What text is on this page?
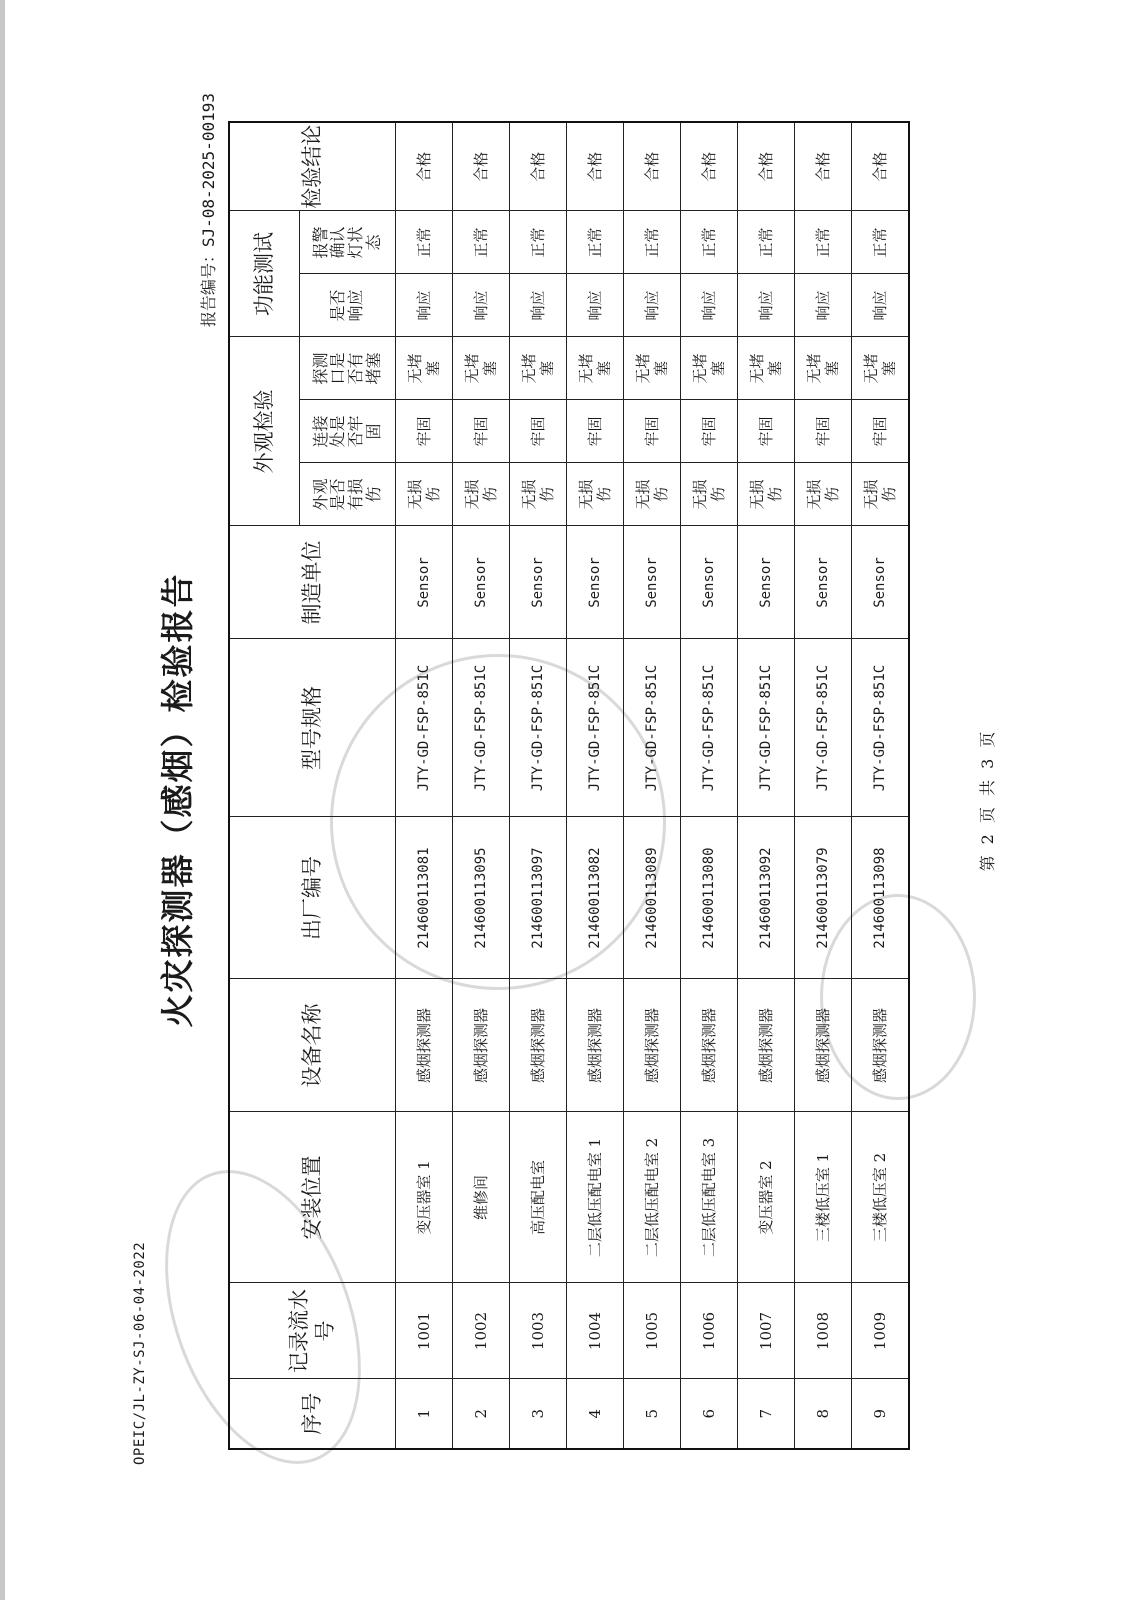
OPEIC/JL-ZY-SJ-06-04-2022
火灾探测器（感烟）检验报告
报告编号：SJ-08-2025-00193
序号	记录流水号	安装位置	设备名称	出厂编号	型号规格	制造单位	外观检验			功能测试		检验结论
							外观是否有损伤	连接处是否牢固	探测口是否有堵塞	是否响应	报警确认灯状态	
1	1001	变压器室 1	感烟探测器	214600113081	JTY-GD-FSP-851C	Sensor	无损伤	牢固	无堵塞	响应	正常	合格
2	1002	维修间	感烟探测器	214600113095	JTY-GD-FSP-851C	Sensor	无损伤	牢固	无堵塞	响应	正常	合格
3	1003	高压配电室	感烟探测器	214600113097	JTY-GD-FSP-851C	Sensor	无损伤	牢固	无堵塞	响应	正常	合格
4	1004	二层低压配电室 1	感烟探测器	214600113082	JTY-GD-FSP-851C	Sensor	无损伤	牢固	无堵塞	响应	正常	合格
5	1005	二层低压配电室 2	感烟探测器	214600113089	JTY-GD-FSP-851C	Sensor	无损伤	牢固	无堵塞	响应	正常	合格
6	1006	二层低压配电室 3	感烟探测器	214600113080	JTY-GD-FSP-851C	Sensor	无损伤	牢固	无堵塞	响应	正常	合格
7	1007	变压器室 2	感烟探测器	214600113092	JTY-GD-FSP-851C	Sensor	无损伤	牢固	无堵塞	响应	正常	合格
8	1008	三楼低压室 1	感烟探测器	214600113079	JTY-GD-FSP-851C	Sensor	无损伤	牢固	无堵塞	响应	正常	合格
9	1009	三楼低压室 2	感烟探测器	214600113098	JTY-GD-FSP-851C	Sensor	无损伤	牢固	无堵塞	响应	正常	合格
第 2 页 共 3 页
